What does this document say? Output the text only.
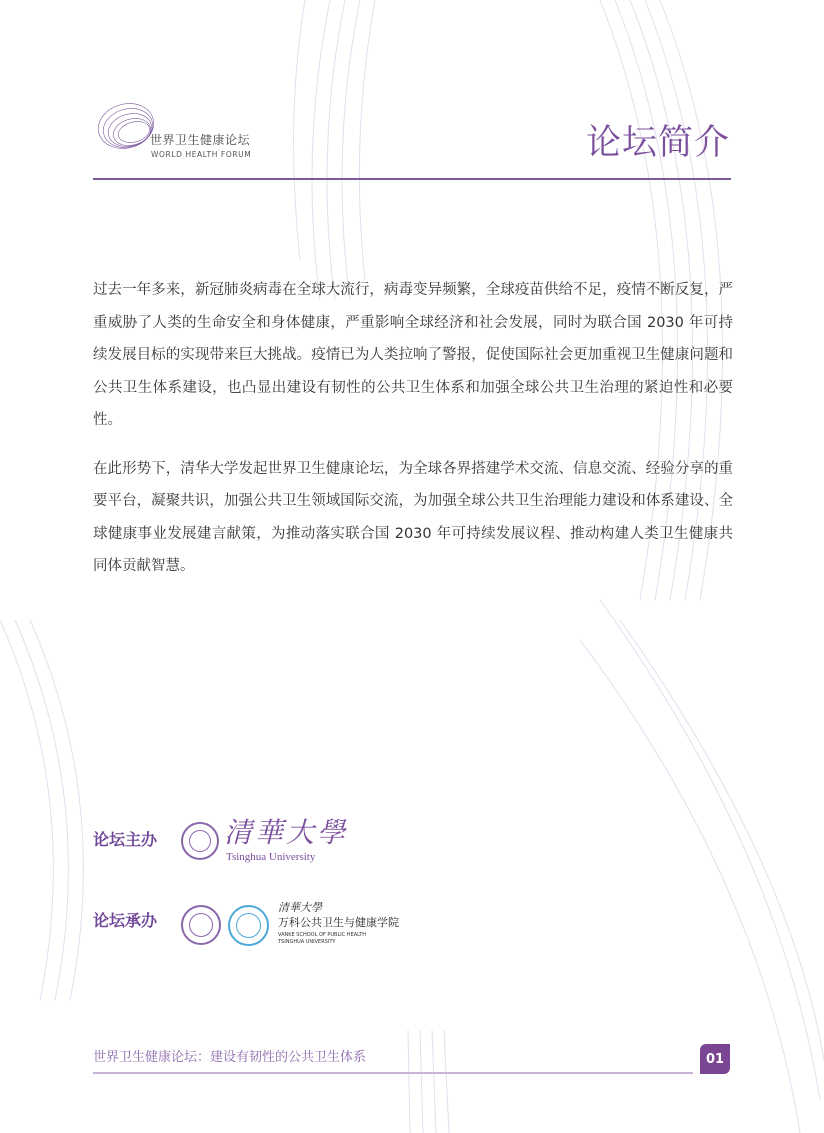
世界卫生健康论坛
WORLD HEALTH FORUM	论坛简介

过去一年多来，新冠肺炎病毒在全球大流行，病毒变异频繁，全球疫苗供给不足，疫情不断反复，严重威胁了人类的生命安全和身体健康，严重影响全球经济和社会发展，同时为联合国 2030 年可持续发展目标的实现带来巨大挑战。疫情已为人类拉响了警报，促使国际社会更加重视卫生健康问题和公共卫生体系建设，也凸显出建设有韧性的公共卫生体系和加强全球公共卫生治理的紧迫性和必要性。

在此形势下，清华大学发起世界卫生健康论坛，为全球各界搭建学术交流、信息交流、经验分享的重要平台，凝聚共识，加强公共卫生领域国际交流，为加强全球公共卫生治理能力建设和体系建设、全球健康事业发展建言献策，为推动落实联合国 2030 年可持续发展议程、推动构建人类卫生健康共同体贡献智慧。

论坛主办 清華大學
Tsinghua University
论坛承办
清華大學
万科公共卫生与健康学院
VANKE SCHOOL OF PUBLIC HEALTH
TSINGHUA UNIVERSITY
世界卫生健康论坛：建设有韧性的公共卫生体系	01
